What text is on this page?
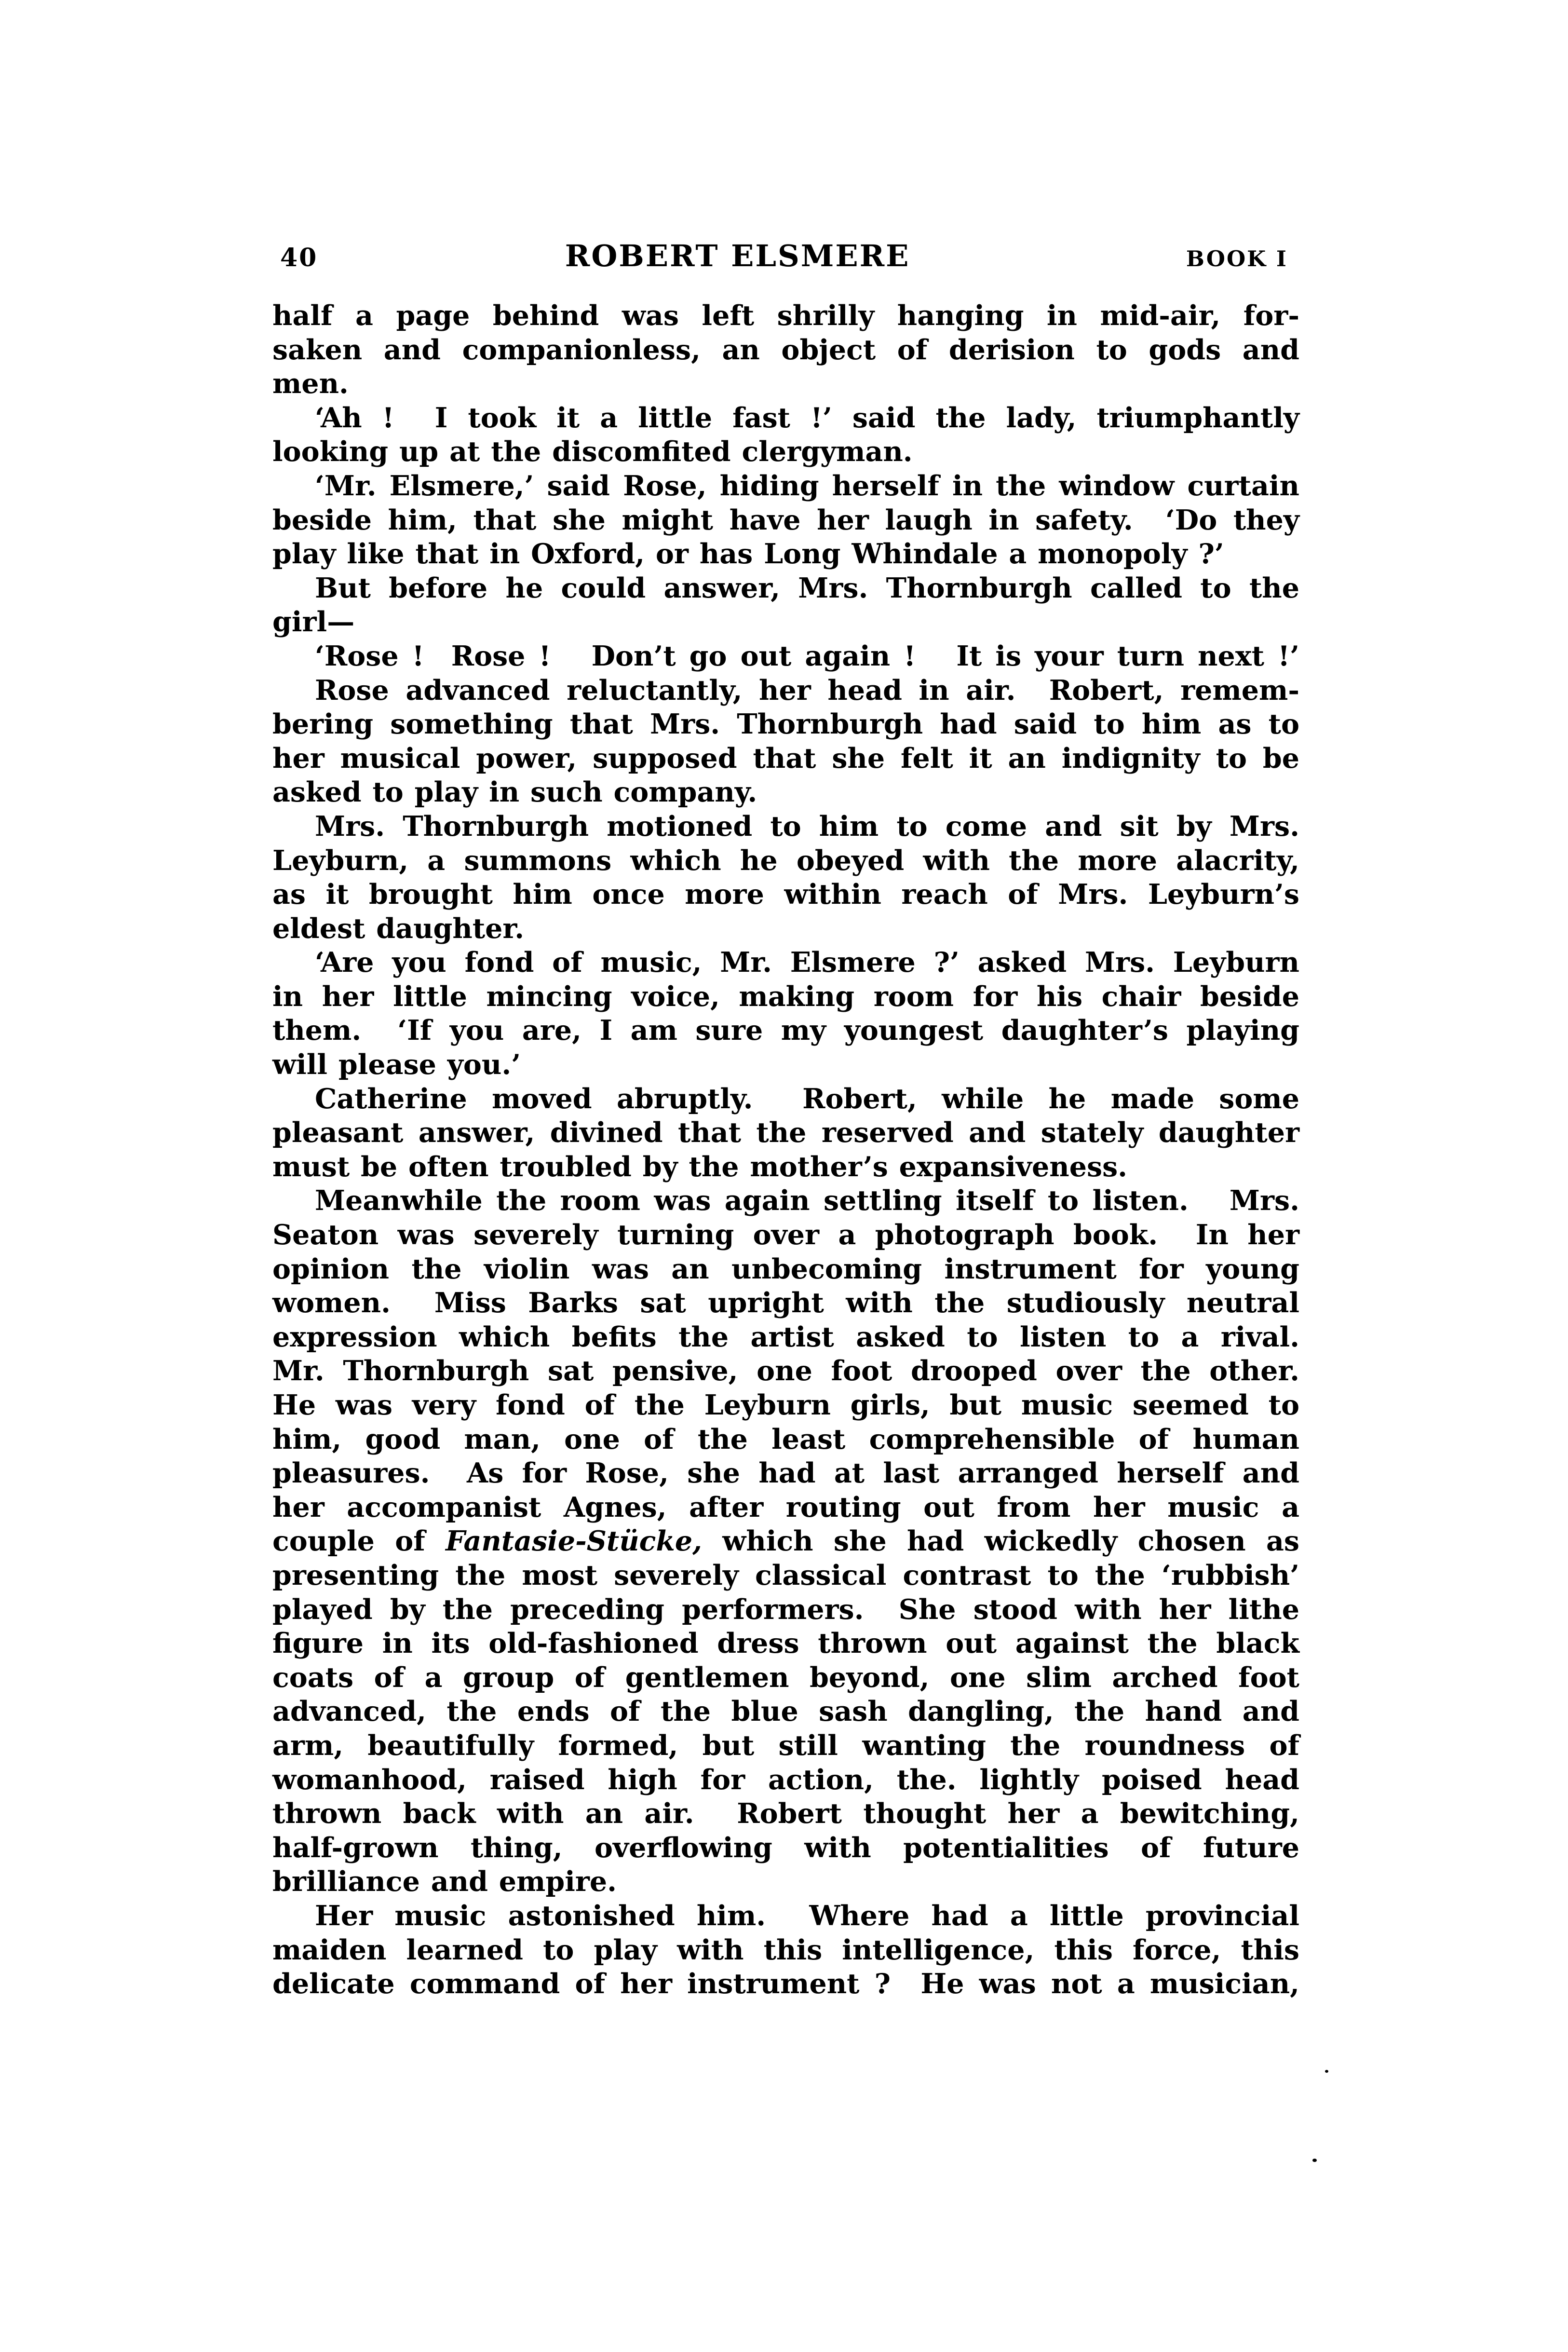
40	ROBERT ELSMERE	BOOK I
half a page behind was left shrilly hanging in mid-air, for-
saken and companionless, an object of derision to gods and
men.
‘Ah !  I took it a little fast !’ said the lady, triumphantly
looking up at the discomfited clergyman.
‘Mr. Elsmere,’ said Rose, hiding herself in the window curtain
beside him, that she might have her laugh in safety.  ‘Do they
play like that in Oxford, or has Long Whindale a monopoly ?’
But before he could answer, Mrs. Thornburgh called to the
girl—
‘Rose !  Rose !   Don’t go out again !   It is your turn next !’
Rose advanced reluctantly, her head in air.  Robert, remem-
bering something that Mrs. Thornburgh had said to him as to
her musical power, supposed that she felt it an indignity to be
asked to play in such company.
Mrs. Thornburgh motioned to him to come and sit by Mrs.
Leyburn, a summons which he obeyed with the more alacrity,
as it brought him once more within reach of Mrs. Leyburn’s
eldest daughter.
‘Are you fond of music, Mr. Elsmere ?’ asked Mrs. Leyburn
in her little mincing voice, making room for his chair beside
them.  ‘If you are, I am sure my youngest daughter’s playing
will please you.’
Catherine moved abruptly.  Robert, while he made some
pleasant answer, divined that the reserved and stately daughter
must be often troubled by the mother’s expansiveness.
Meanwhile the room was again settling itself to listen.   Mrs.
Seaton was severely turning over a photograph book.  In her
opinion the violin was an unbecoming instrument for young
women.  Miss Barks sat upright with the studiously neutral
expression which befits the artist asked to listen to a rival.
Mr. Thornburgh sat pensive, one foot drooped over the other.
He was very fond of the Leyburn girls, but music seemed to
him, good man, one of the least comprehensible of human
pleasures.  As for Rose, she had at last arranged herself and
her accompanist Agnes, after routing out from her music a
couple of Fantasie-Stücke, which she had wickedly chosen as
presenting the most severely classical contrast to the ‘rubbish’
played by the preceding performers.  She stood with her lithe
figure in its old-fashioned dress thrown out against the black
coats of a group of gentlemen beyond, one slim arched foot
advanced, the ends of the blue sash dangling, the hand and
arm, beautifully formed, but still wanting the roundness of
womanhood, raised high for action, the. lightly poised head
thrown back with an air.  Robert thought her a bewitching,
half-grown thing, overflowing with potentialities of future
brilliance and empire.
Her music astonished him.  Where had a little provincial
maiden learned to play with this intelligence, this force, this
delicate command of her instrument ?  He was not a musician,
